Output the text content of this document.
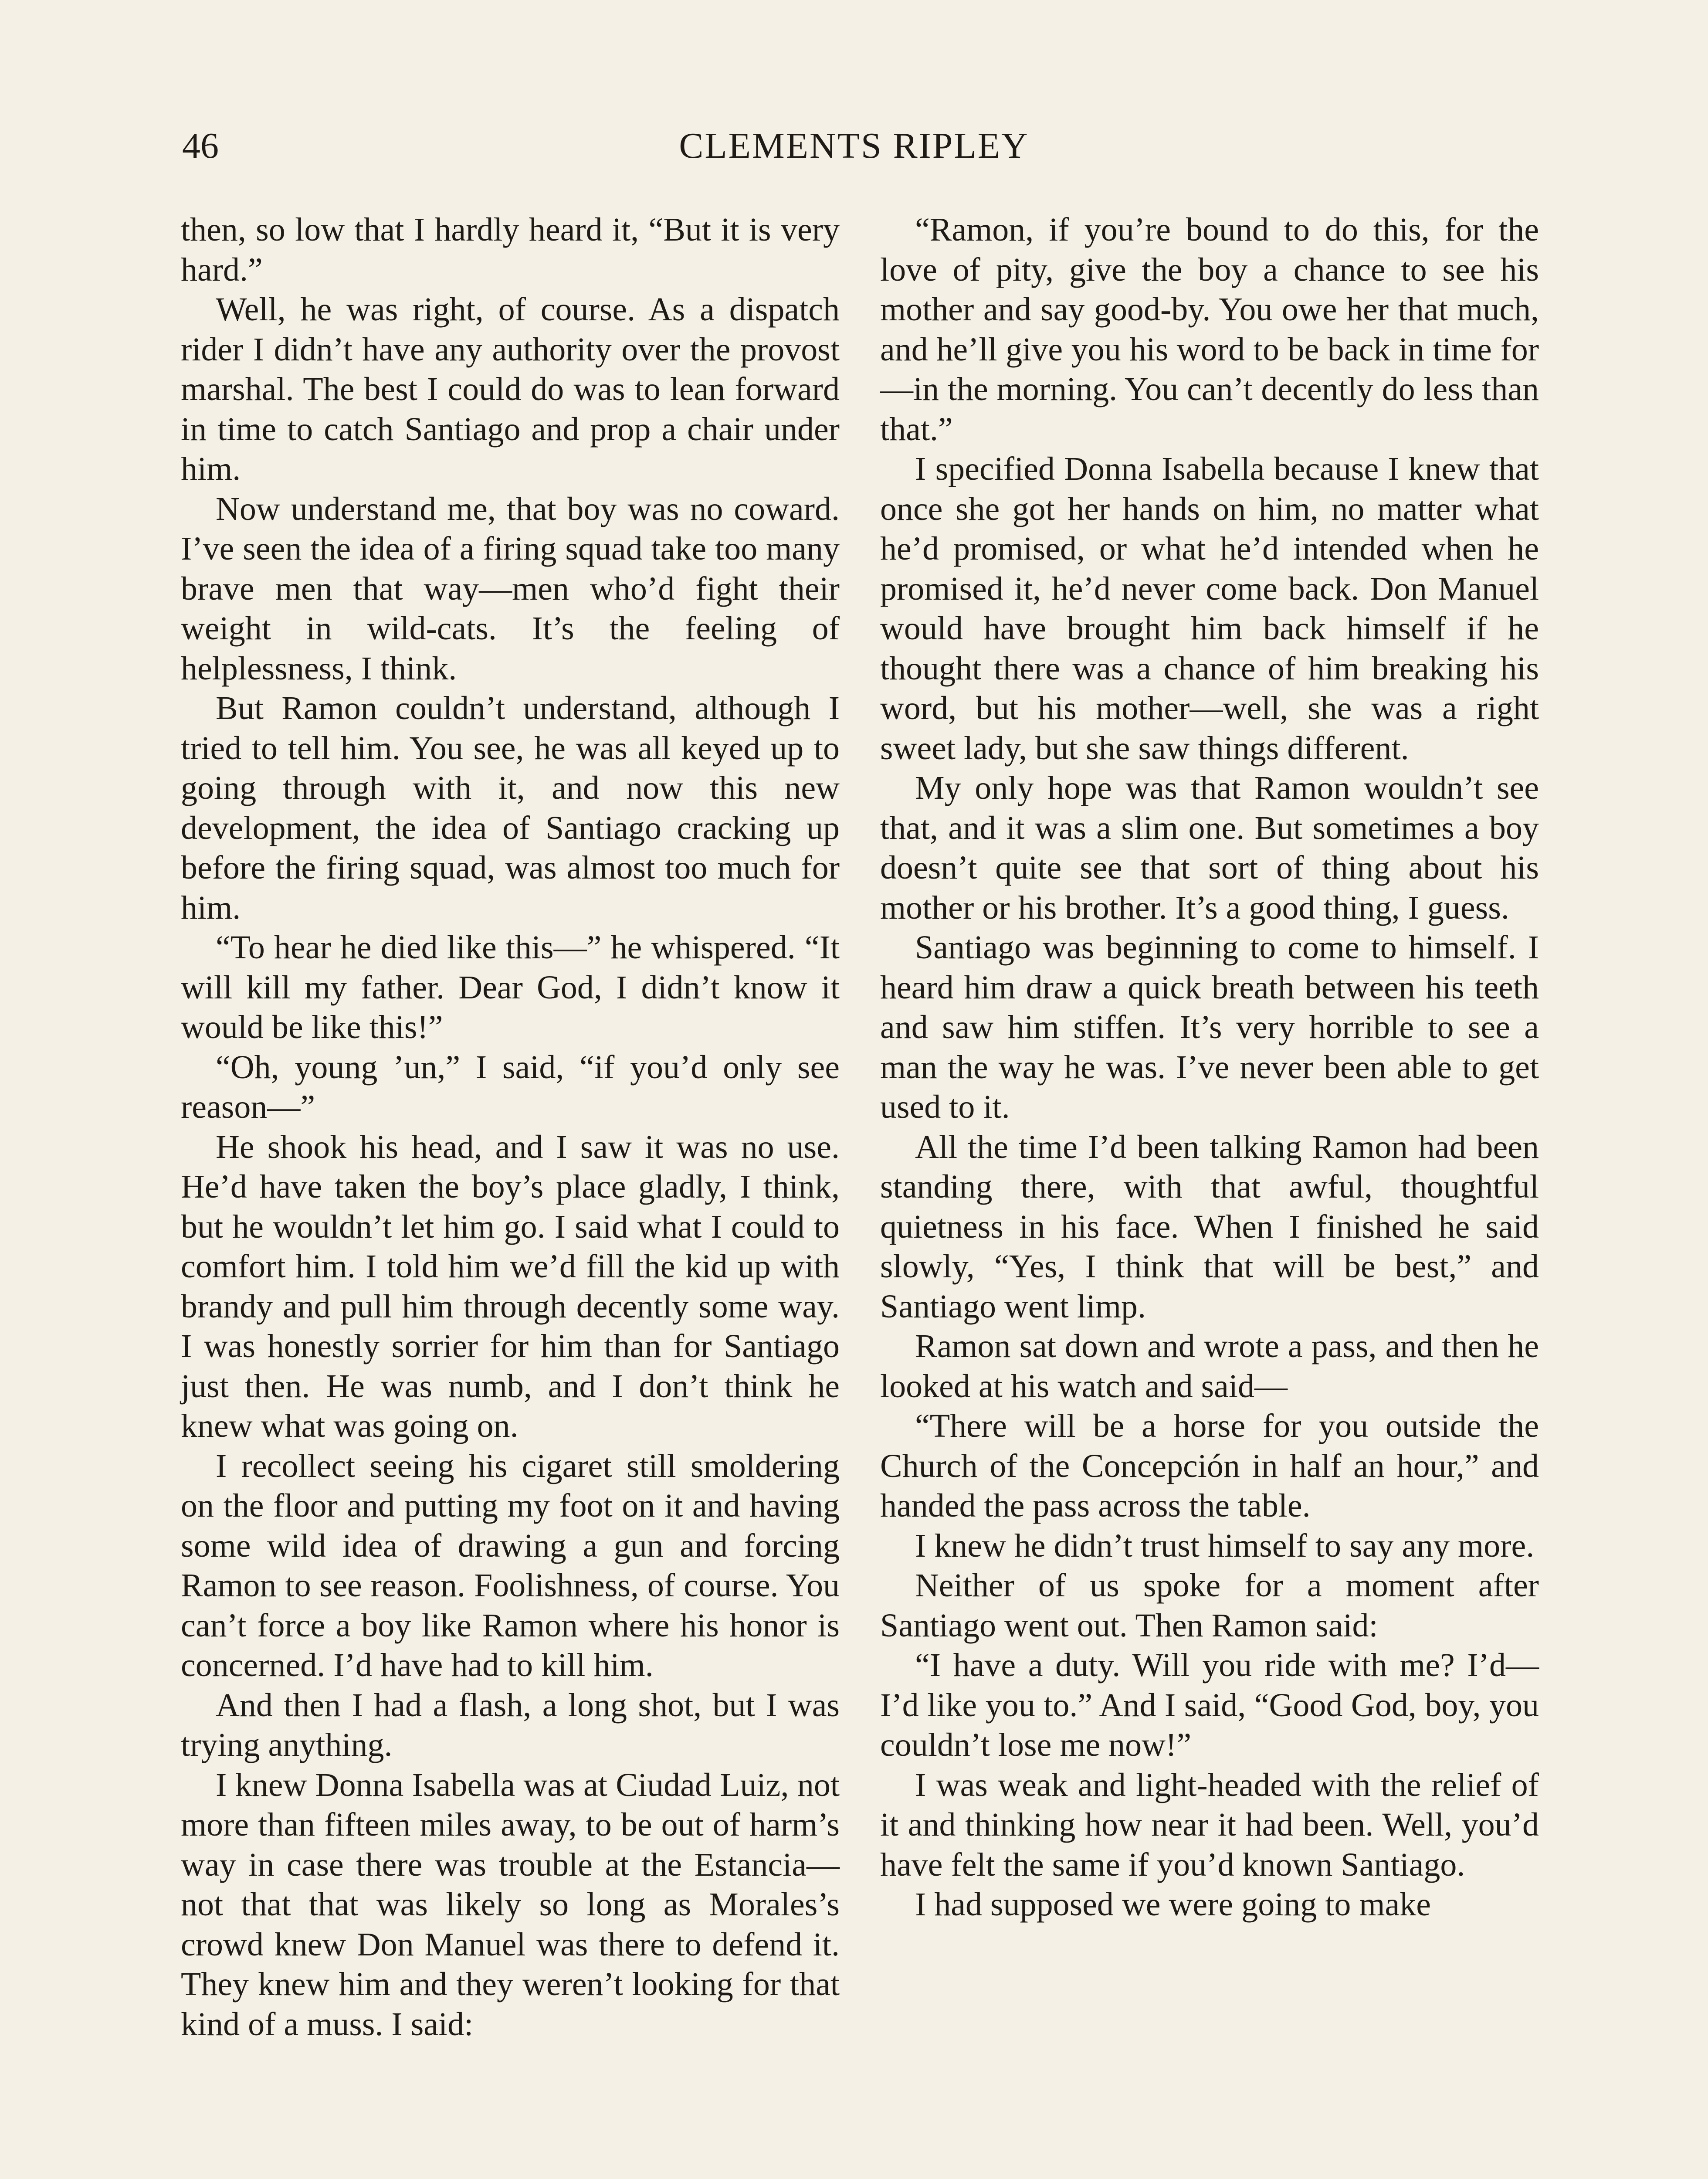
46	CLEMENTS RIPLEY

then, so low that I hardly heard it, “But it is very hard.”

Well, he was right, of course. As a dispatch rider I didn’t have any authority over the provost marshal. The best I could do was to lean forward in time to catch Santiago and prop a chair under him.

Now understand me, that boy was no coward. I’ve seen the idea of a firing squad take too many brave men that way—men who’d fight their weight in wild-cats. It’s the feeling of helplessness, I think.

But Ramon couldn’t understand, although I tried to tell him. You see, he was all keyed up to going through with it, and now this new development, the idea of Santiago cracking up before the firing squad, was almost too much for him.

“To hear he died like this—” he whispered. “It will kill my father. Dear God, I didn’t know it would be like this!”

“Oh, young ’un,” I said, “if you’d only see reason—”

He shook his head, and I saw it was no use. He’d have taken the boy’s place gladly, I think, but he wouldn’t let him go. I said what I could to comfort him. I told him we’d fill the kid up with brandy and pull him through decently some way. I was honestly sorrier for him than for Santiago just then. He was numb, and I don’t think he knew what was going on.

I recollect seeing his cigaret still smoldering on the floor and putting my foot on it and having some wild idea of drawing a gun and forcing Ramon to see reason. Foolishness, of course. You can’t force a boy like Ramon where his honor is concerned. I’d have had to kill him.

And then I had a flash, a long shot, but I was trying anything.

I knew Donna Isabella was at Ciudad Luiz, not more than fifteen miles away, to be out of harm’s way in case there was trouble at the Estancia—not that that was likely so long as Morales’s crowd knew Don Manuel was there to defend it. They knew him and they weren’t looking for that kind of a muss. I said:

“Ramon, if you’re bound to do this, for the love of pity, give the boy a chance to see his mother and say good-by. You owe her that much, and he’ll give you his word to be back in time for—in the morning. You can’t decently do less than that.”

I specified Donna Isabella because I knew that once she got her hands on him, no matter what he’d promised, or what he’d intended when he promised it, he’d never come back. Don Manuel would have brought him back himself if he thought there was a chance of him breaking his word, but his mother—well, she was a right sweet lady, but she saw things different.

My only hope was that Ramon wouldn’t see that, and it was a slim one. But sometimes a boy doesn’t quite see that sort of thing about his mother or his brother. It’s a good thing, I guess.

Santiago was beginning to come to himself. I heard him draw a quick breath between his teeth and saw him stiffen. It’s very horrible to see a man the way he was. I’ve never been able to get used to it.

All the time I’d been talking Ramon had been standing there, with that awful, thoughtful quietness in his face. When I finished he said slowly, “Yes, I think that will be best,” and Santiago went limp.

Ramon sat down and wrote a pass, and then he looked at his watch and said—

“There will be a horse for you outside the Church of the Concepción in half an hour,” and handed the pass across the table.

I knew he didn’t trust himself to say any more.

Neither of us spoke for a moment after Santiago went out. Then Ramon said:

“I have a duty. Will you ride with me? I’d—I’d like you to.” And I said, “Good God, boy, you couldn’t lose me now!”

I was weak and light-headed with the relief of it and thinking how near it had been. Well, you’d have felt the same if you’d known Santiago.

I had supposed we were going to make
